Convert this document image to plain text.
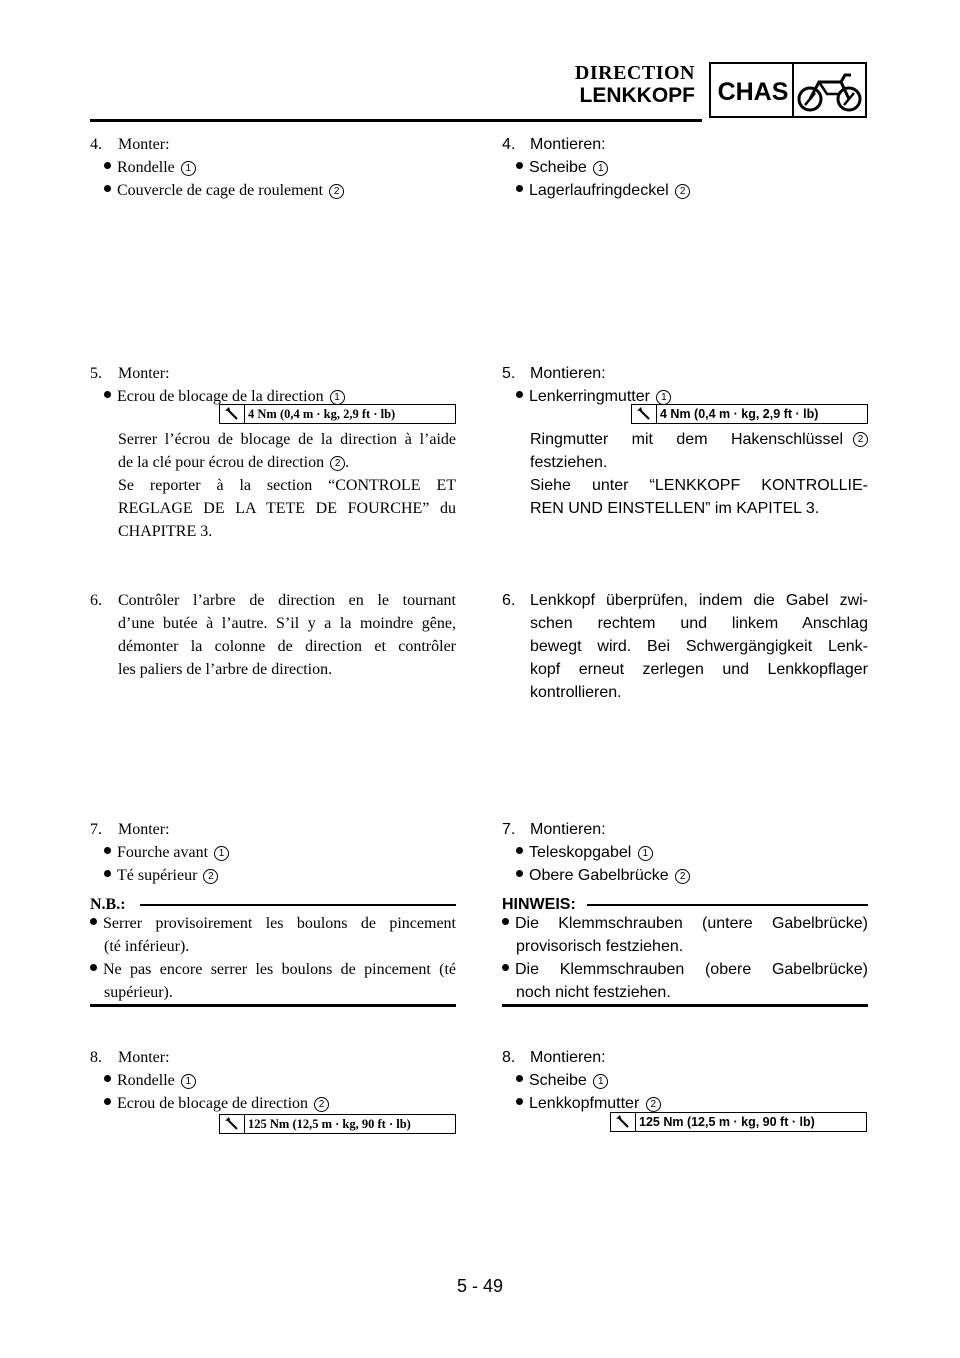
DIRECTION
LENKKOPF CHAS
4. Monter:
Rondelle 1
Couvercle de cage de roulement 2
5. Monter:
Ecrou de blocage de la direction 1
4 Nm (0,4 m · kg, 2,9 ft · lb)
Serrer l’écrou de blocage de la direction à l’aide
de la clé pour écrou de direction 2 .
Se reporter à la section “CONTROLE ET
REGLAGE DE LA TETE DE FOURCHE” du
CHAPITRE 3.
6. Contrôler l’arbre de direction en le tournant
d’une butée à l’autre. S’il y a la moindre gêne,
démonter la colonne de direction et contrôler
les paliers de l’arbre de direction.
7. Monter:
Fourche avant 1
Té supérieur 2
N.B.:
Serrer provisoirement les boulons de pincement
(té inférieur).
Ne pas encore serrer les boulons de pincement (té
supérieur).
8. Monter:
Rondelle 1
Ecrou de blocage de direction 2
125 Nm (12,5 m · kg, 90 ft · lb)
4. Montieren:
Scheibe 1
Lagerlaufringdeckel 2
5. Montieren:
Lenkerringmutter 1
4 Nm (0,4 m · kg, 2,9 ft · lb)
Ringmutter mit dem Hakenschlüssel	2
festziehen.
Siehe unter “LENKKOPF KONTROLLIE-
REN UND EINSTELLEN” im KAPITEL 3.
6. Lenkkopf überprüfen, indem die Gabel zwi-
schen rechtem und linkem Anschlag
bewegt wird. Bei Schwergängigkeit Lenk-
kopf erneut zerlegen und Lenkkopflager
kontrollieren.
7. Montieren:
Teleskopgabel 1
Obere Gabelbrücke 2
HINWEIS:
Die Klemmschrauben (untere Gabelbrücke)
provisorisch festziehen.
Die Klemmschrauben (obere Gabelbrücke)
noch nicht festziehen.
8. Montieren:
Scheibe 1
Lenkkopfmutter 2
125 Nm (12,5 m · kg, 90 ft · lb)
5 - 49
